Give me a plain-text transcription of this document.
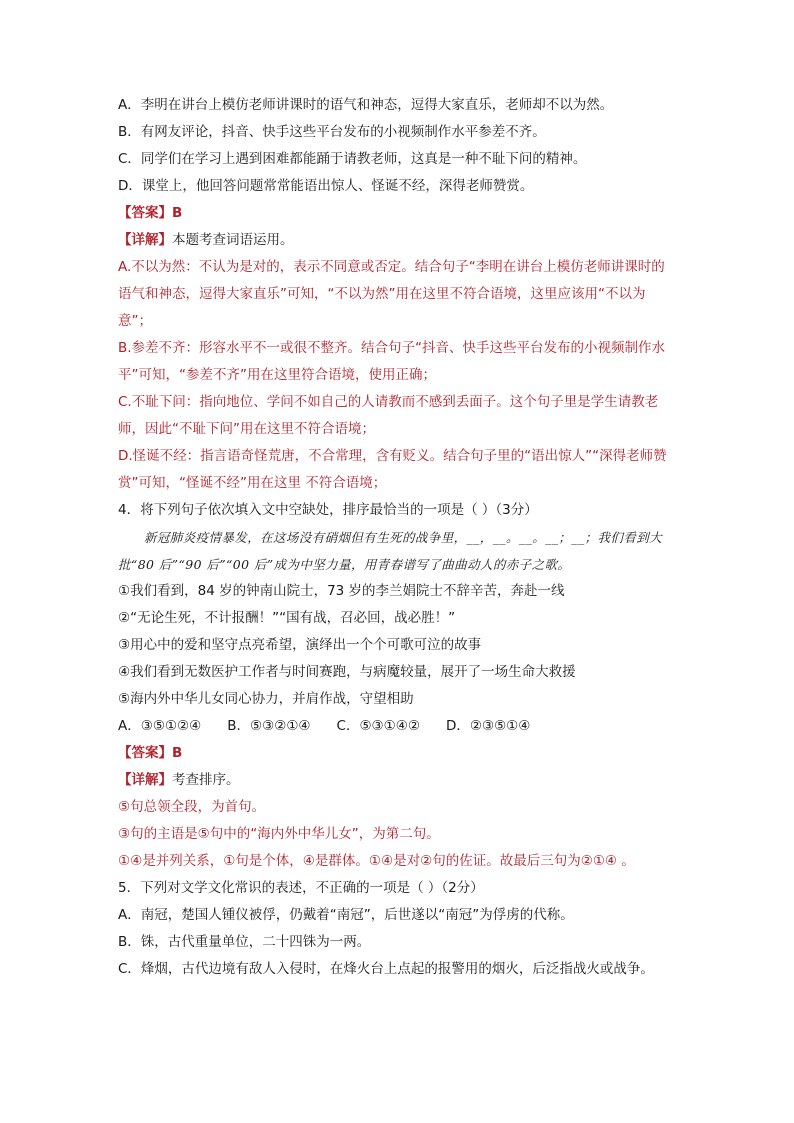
A．李明在讲台上模仿老师讲课时的语气和神态，逗得大家直乐，老师却不以为然。
B．有网友评论，抖音、快手这些平台发布的小视频制作水平参差不齐。
C．同学们在学习上遇到困难都能踊于请教老师，这真是一种不耻下问的精神。
D．课堂上，他回答问题常常能语出惊人、怪诞不经，深得老师赞赏。
【答案】B
【详解】本题考查词语运用。
A.不以为然：不认为是对的，表示不同意或否定。结合句子“李明在讲台上模仿老师讲课时的语气和神态，逗得大家直乐”可知，“不以为然”用在这里不符合语境，这里应该用“不以为意”；
B.参差不齐：形容水平不一或很不整齐。结合句子“抖音、快手这些平台发布的小视频制作水平”可知，“参差不齐”用在这里符合语境，使用正确；
C.不耻下问：指向地位、学问不如自己的人请教而不感到丢面子。这个句子里是学生请教老师，因此“不耻下问”用在这里不符合语境；
D.怪诞不经：指言语奇怪荒唐，不合常理，含有贬义。结合句子里的“语出惊人”“深得老师赞赏”可知，“怪诞不经”用在这里 不符合语境；
4．将下列句子依次填入文中空缺处，排序最恰当的一项是（ ）（3分）
新冠肺炎疫情暴发，在这场没有硝烟但有生死的战争里，__，__。__。__；__；我们看到大批“80 后”“90 后”“00 后”成为中坚力量，用青春谱写了曲曲动人的赤子之歌。
①我们看到，84 岁的钟南山院士，73 岁的李兰娟院士不辞辛苦，奔赴一线
②“无论生死，不计报酬！”“国有战，召必回，战必胜！”
③用心中的爱和坚守点亮希望，演绎出一个个可歌可泣的故事
④我们看到无数医护工作者与时间赛跑，与病魔较量，展开了一场生命大救援
⑤海内外中华儿女同心协力，并肩作战，守望相助
A．③⑤①②④ B．⑤③②①④ C．⑤③①④② D．②③⑤①④
【答案】B
【详解】考查排序。
⑤句总领全段，为首句。
③句的主语是⑤句中的“海内外中华儿女”，为第二句。
①④是并列关系，①句是个体，④是群体。①④是对②句的佐证。故最后三句为②①④ 。
5．下列对文学文化常识的表述，不正确的一项是（ ）（2分）
A．南冠，楚国人锺仪被俘，仍戴着“南冠”，后世遂以“南冠”为俘虏的代称。
B．铢，古代重量单位，二十四铢为一两。
C．烽烟，古代边境有敌人入侵时，在烽火台上点起的报警用的烟火，后泛指战火或战争。
